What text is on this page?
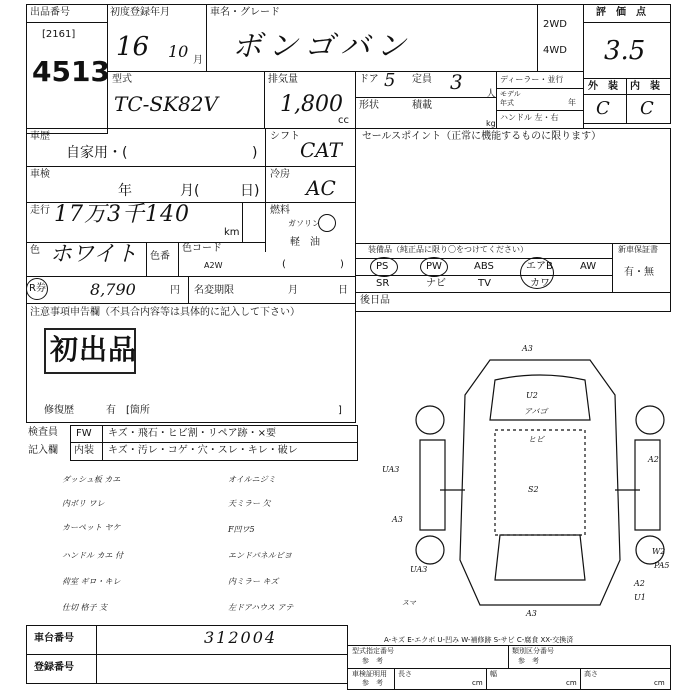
出品番号
[2161]
4513
初度登録年月
16 10 月
車名・グレード
ボンゴバン
2WD
4WD
評　価　点
3.5
外　装 内　装
C C
型式
TC-SK82V
排気量
1,800
cc
ドア 5 定員 3
人
形状	積載
kg
ディーラー・並行
モデル
年式	年
ハンドル 左・右
車歴
自家用・(	)
シフト
CAT
車検
年	月(	日)
冷房
AC
走行 17万3千140
km
燃料
ガソリン
軽　油
(	)
色 ホワイト 色番
色コード
A2W
R券	8,790	円 名変期限	月	日
セールスポイント（正常に機能するものに限ります）
装備品（純正品に限り〇をつけてください）	新車保証書
有・無
PS	PW	ABS	エアB	AW
SR	ナビ	TV	カワ
後日品
注意事項申告欄（不具合内容等は具体的に記入して下さい）
初出品
修復歴	有　[箇所	]
検査員
記入欄
FW キズ・飛石・ヒビ割・リペア跡・×要
内装 キズ・汚レ・コゲ・穴・スレ・キレ・破レ
ダッシュ板 カエ
内ボリ ワレ
カーペット ヤケ
ハンドル カエ 付
荷室 ギロ・キレ
仕切 格子 支
オイルニジミ
天ミラー 欠
F凹ワ5
エンドパネルビヨ
内ミラー キズ
左ドアハウス アテ
A3
U2
アバゴ
ヒビ
S2
UA3
A3
UA3
A2
W2
PA5
A2
U1
A3
スマ
車台番号	312004
登録番号
A-キズ E-エクボ U-凹み W-補修跡 S-サビ C-腐食 XX-交換済
型式指定番号
参　考
類別区分番号
参　考
車検証明用
参　考
長さ
cm
幅
cm
高さ
cm
